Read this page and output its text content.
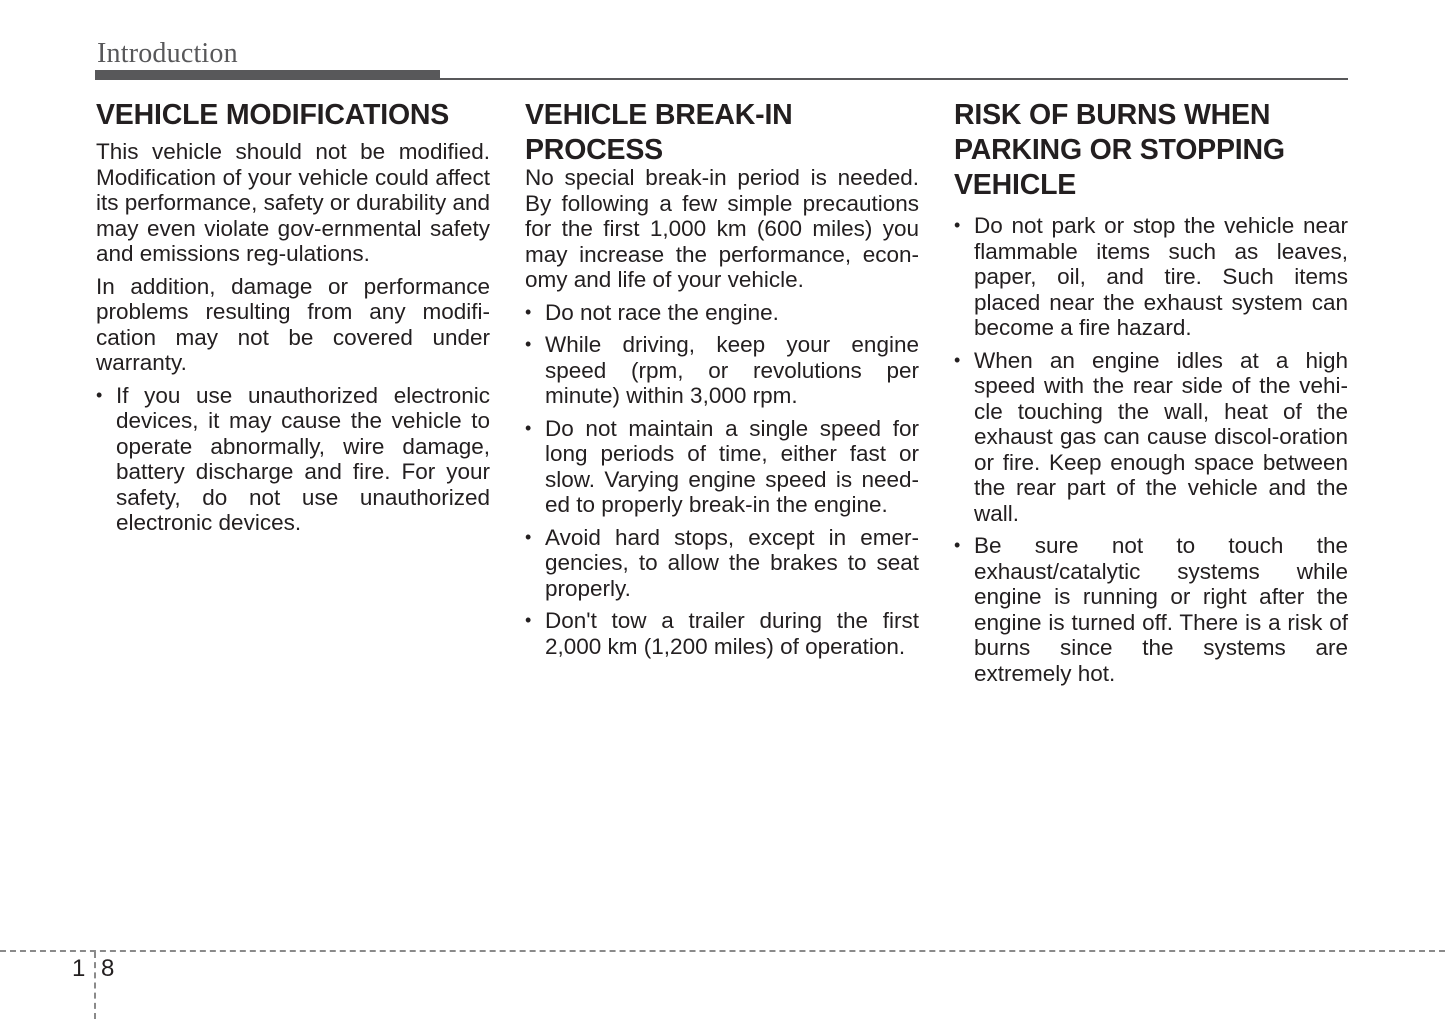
Introduction
VEHICLE MODIFICATIONS

This vehicle should not be modified. Modification of your vehicle could affect its performance, safety or durability and may even violate gov-ernmental safety and emissions reg-ulations.

In addition, damage or performance problems resulting from any modifi-cation may not be covered under warranty.

• If you use unauthorized electronic devices, it may cause the vehicle to operate abnormally, wire damage, battery discharge and fire. For your safety, do not use unauthorized electronic devices.
VEHICLE BREAK-IN PROCESS

No special break-in period is needed. By following a few simple precautions for the first 1,000 km (600 miles) you may increase the performance, econ-omy and life of your vehicle.

• Do not race the engine.
• While driving, keep your engine speed (rpm, or revolutions per minute) within 3,000 rpm.
• Do not maintain a single speed for long periods of time, either fast or slow. Varying engine speed is need-ed to properly break-in the engine.
• Avoid hard stops, except in emer-gencies, to allow the brakes to seat properly.
• Don't tow a trailer during the first 2,000 km (1,200 miles) of operation.
RISK OF BURNS WHEN PARKING OR STOPPING VEHICLE
• Do not park or stop the vehicle near flammable items such as leaves, paper, oil, and tire. Such items placed near the exhaust system can become a fire hazard.
• When an engine idles at a high speed with the rear side of the vehi-cle touching the wall, heat of the exhaust gas can cause discol-oration or fire. Keep enough space between the rear part of the vehicle and the wall.
• Be sure not to touch the exhaust/catalytic systems while engine is running or right after the engine is turned off. There is a risk of burns since the systems are extremely hot.
1 8
